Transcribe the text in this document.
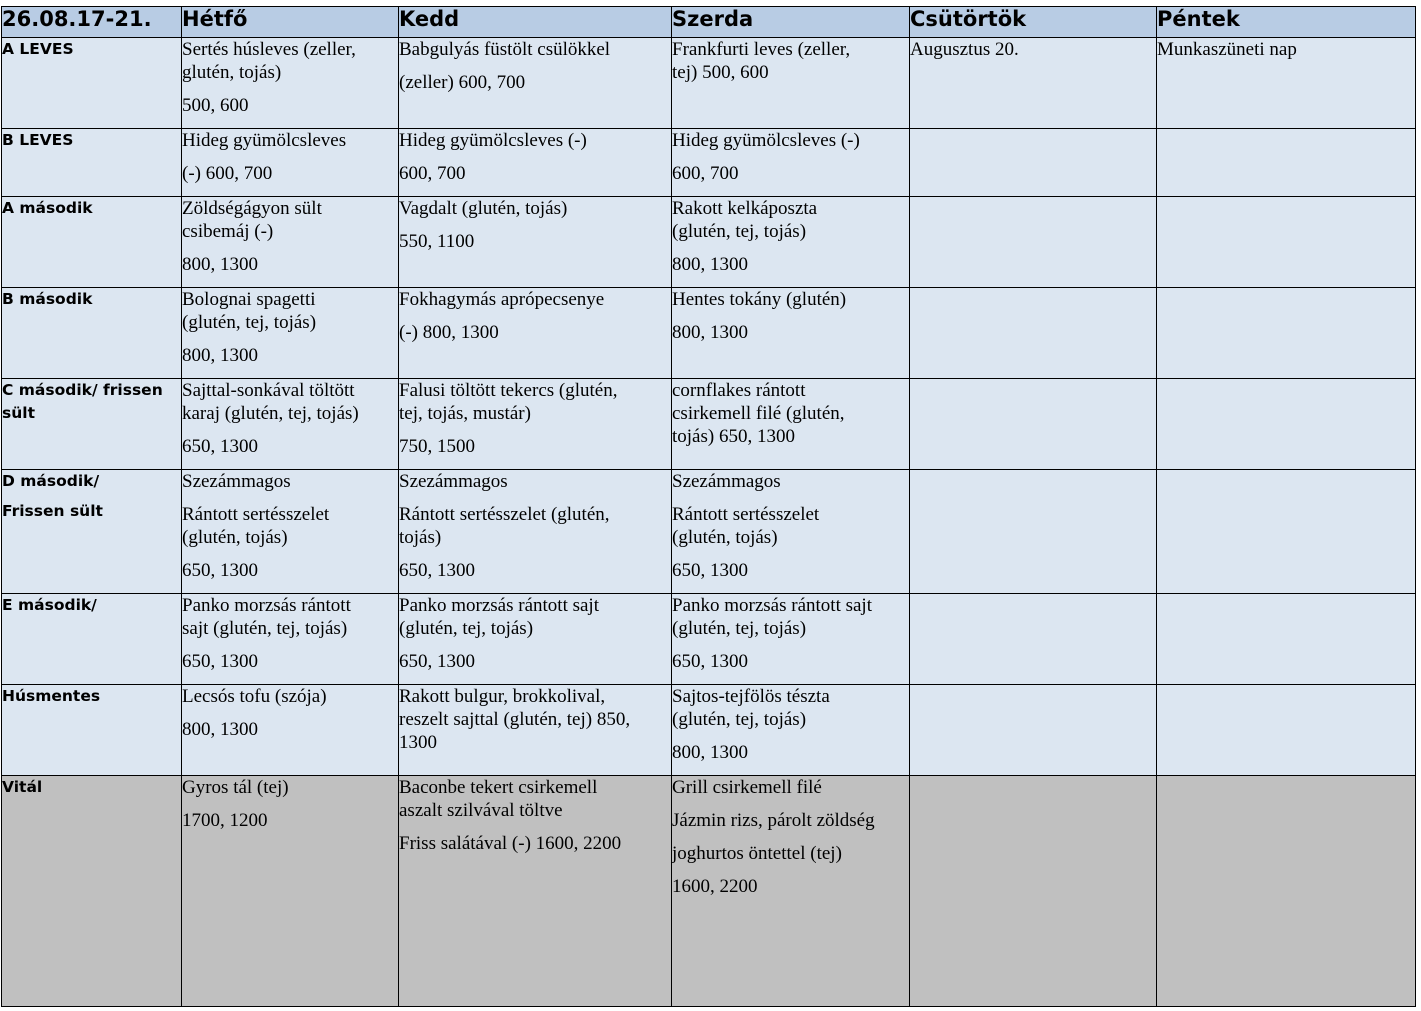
26.08.17-21.	Hétfő	Kedd	Szerda	Csütörtök	Péntek

A LEVES	Sertés húsleves (zeller,
glutén, tojás)
500, 600	Babgulyás füstölt csülökkel
(zeller) 600, 700	Frankfurti leves (zeller,
tej) 500, 600	Augusztus 20.	Munkaszüneti nap

B LEVES	Hideg gyümölcsleves
(-) 600, 700	Hideg gyümölcsleves (-)
600, 700	Hideg gyümölcsleves (-)
600, 700		

A második	Zöldségágyon sült
csibemáj (-)
800, 1300	Vagdalt (glutén, tojás)
550, 1100	Rakott kelkáposzta
(glutén, tej, tojás)
800, 1300		

B második	Bolognai spagetti
(glutén, tej, tojás)
800, 1300	Fokhagymás aprópecsenye
(-) 800, 1300	Hentes tokány (glutén)
800, 1300		

C második/ frissen
sült	Sajttal-sonkával töltött
karaj (glutén, tej, tojás)
650, 1300	Falusi töltött tekercs (glutén,
tej, tojás, mustár)
750, 1500	cornflakes rántott
csirkemell filé (glutén,
tojás) 650, 1300		

D második/
Frissen sült	Szezámmagos
Rántott sertésszelet
(glutén, tojás)
650, 1300	Szezámmagos
Rántott sertésszelet (glutén,
tojás)
650, 1300	Szezámmagos
Rántott sertésszelet
(glutén, tojás)
650, 1300		

E második/	Panko morzsás rántott
sajt (glutén, tej, tojás)
650, 1300	Panko morzsás rántott sajt
(glutén, tej, tojás)
650, 1300	Panko morzsás rántott sajt
(glutén, tej, tojás)
650, 1300		

Húsmentes	Lecsós tofu (szója)
800, 1300	Rakott bulgur, brokkolival,
reszelt sajttal (glutén, tej) 850,
1300	Sajtos-tejfölös tészta
(glutén, tej, tojás)
800, 1300		

Vitál	Gyros tál (tej)
1700, 1200	Baconbe tekert csirkemell
aszalt szilvával töltve
Friss salátával (-) 1600, 2200	Grill csirkemell filé
Jázmin rizs, párolt zöldség
joghurtos öntettel (tej)
1600, 2200		
